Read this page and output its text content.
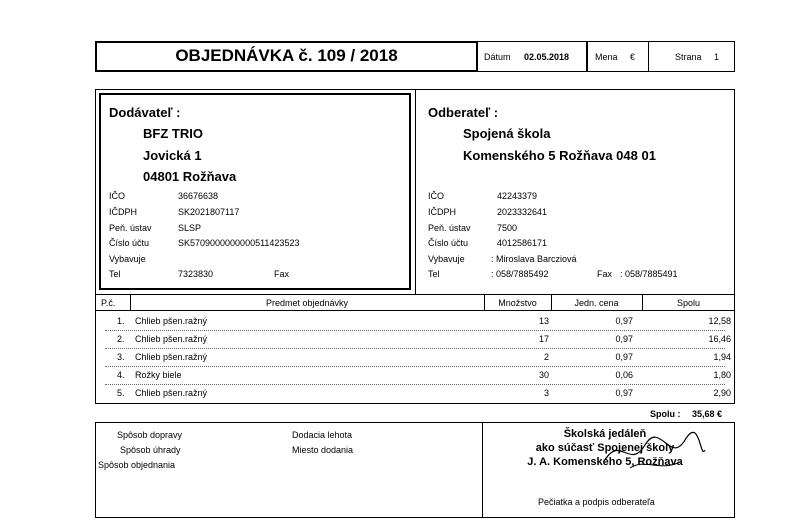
OBJEDNÁVKA č. 109 / 2018	Dátum 02.05.2018	Mena €	Strana 1
Dodávateľ :
BFZ TRIO
Jovická 1
04801 Rožňava
IČO	36676638
IČDPH	SK2021807117
Peň. ústav	SLSP
Číslo účtu	SK5709000000000511423523
Vybavuje
Tel	7323830	Fax
Odberateľ :
Spojená škola
Komenského 5 Rožňava 048 01
IČO	42243379
IČDPH	2023332641
Peň. ústav	7500
Číslo účtu	4012586171
Vybavuje	: Miroslava Barcziová
Tel	: 058/7885492	Fax : 058/7885491
P.č.	Predmet objednávky	Množstvo	Jedn. cena	Spolu
1. Chlieb pšen.ražný	13	0,97	12,58
2. Chlieb pšen.ražný	17	0,97	16,46
3. Chlieb pšen.ražný	2	0,97	1,94
4. Rožky biele	30	0,06	1,80
5. Chlieb pšen.ražný	3	0,97	2,90
Spolu : 35,68 €
Spôsob dopravy
Spôsob úhrady
Spôsob objednania
Dodacia lehota
Miesto dodania
Školská jedáleň
ako súčasť Spojenej školy
J. A. Komenského 5, Rožňava
Pečiatka a podpis odberateľa
